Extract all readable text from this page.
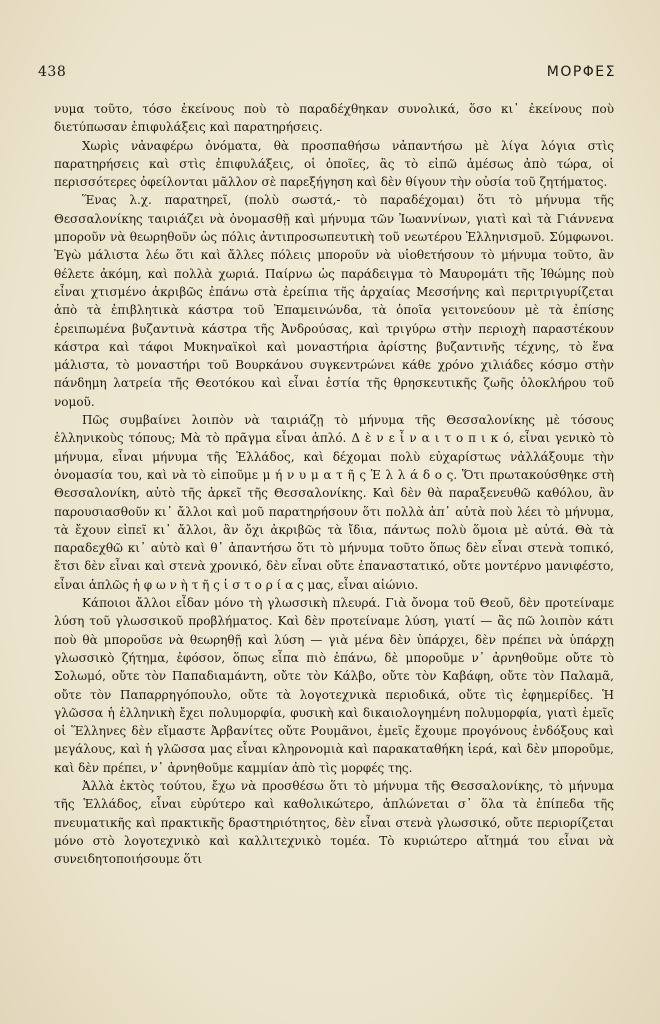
438	ΜΟΡΦΕΣ

νυμα τοῦτο, τόσο ἐκείνους ποὺ τὸ παραδέχθηκαν συνολικά, ὅσο κι᾿ ἐκείνους ποὺ διετύπωσαν ἐπιφυλάξεις καὶ παρατηρήσεις.

Χωρὶς νἀναφέρω ὀνόματα, θὰ προσπαθήσω νἀπαντήσω μὲ λίγα λόγια στὶς παρατηρήσεις καὶ στὶς ἐπιφυλάξεις, οἱ ὁποῖες, ἂς τὸ εἰπῶ ἀμέσως ἀπὸ τώρα, οἱ περισσότερες ὀφείλονται μᾶλλον σὲ παρεξήγηση καὶ δὲν θίγουν τὴν οὐσία τοῦ ζητήματος.

Ἕνας λ.χ. παρατηρεῖ, (πολὺ σωστά,- τὸ παραδέχομαι) ὅτι τὸ μήνυμα τῆς Θεσσαλονίκης ταιριάζει νὰ ὀνομασθῇ καὶ μήνυμα τῶν Ἰωαννίνων, γιατὶ καὶ τὰ Γιάννενα μποροῦν νὰ θεωρηθοῦν ὡς πόλις ἀντιπροσωπευτικὴ τοῦ νεωτέρου Ἑλληνισμοῦ. Σύμφωνοι. Ἐγὼ μάλιστα λέω ὅτι καὶ ἄλλες πόλεις μποροῦν νὰ υἱοθετήσουν τὸ μήνυμα τοῦτο, ἂν θέλετε ἀκόμη, καὶ πολλὰ χωριά. Παίρνω ὡς παράδειγμα τὸ Μαυρομάτι τῆς Ἰθώμης ποὺ εἶναι χτισμένο ἀκριβῶς ἐπάνω στὰ ἐρείπια τῆς ἀρχαίας Μεσσήνης καὶ περιτριγυρίζεται ἀπὸ τὰ ἐπιβλητικὰ κάστρα τοῦ Ἐπαμεινώνδα, τὰ ὁποῖα γειτονεύουν μὲ τὰ ἐπίσης ἐρειπωμένα βυζαντινὰ κάστρα τῆς Ἀνδρούσας, καὶ τριγύρω στὴν περιοχὴ παραστέκουν κάστρα καὶ τάφοι Μυκηναϊκοὶ καὶ μοναστήρια ἀρίστης βυζαντινῆς τέχνης, τὸ ἕνα μάλιστα, τὸ μοναστήρι τοῦ Βουρκάνου συγκεντρώνει κάθε χρόνο χιλιάδες κόσμο στὴν πάνδημη λατρεία τῆς Θεοτόκου καὶ εἶναι ἑστία τῆς θρησκευτικῆς ζωῆς ὁλοκλήρου τοῦ νομοῦ.

Πῶς συμβαίνει λοιπὸν νὰ ταιριάζῃ τὸ μήνυμα τῆς Θεσσαλονίκης μὲ τόσους ἑλληνικοὺς τόπους; Μὰ τὸ πρᾶγμα εἶναι ἁπλό. Δ ὲ ν ε ἶ ν α ι τ ο π ι κ ό, εἶναι γενικὸ τὸ μήνυμα, εἶναι μήνυμα τῆς Ἑλλάδος, καὶ δέχομαι πολὺ εὐχαρίστως νἀλλάξουμε τὴν ὀνομασία του, καὶ νὰ τὸ εἰποῦμε μ ή ν υ μ α τ ῆ ς Ἑ λ λ ά δ ο ς. Ὅτι πρωτακούσθηκε στὴ Θεσσαλονίκη, αὐτὸ τῆς ἀρκεῖ τῆς Θεσσαλονίκης. Καὶ δὲν θὰ παραξενευθῶ καθόλου, ἂν παρουσιασθοῦν κι᾿ ἄλλοι καὶ μοῦ παρατηρήσουν ὅτι πολλὰ ἀπ᾿ αὐτὰ ποὺ λέει τὸ μήνυμα, τὰ ἔχουν εἰπεῖ κι᾿ ἄλλοι, ἂν ὄχι ἀκριβῶς τὰ ἴδια, πάντως πολὺ ὅμοια μὲ αὐτά. Θὰ τὰ παραδεχθῶ κι᾿ αὐτὸ καὶ θ᾿ ἀπαντήσω ὅτι τὸ μήνυμα τοῦτο ὅπως δὲν εἶναι στενὰ τοπικό, ἔτσι δὲν εἶναι καὶ στενὰ χρονικό, δὲν εἶναι οὔτε ἐπαναστατικό, οὔτε μοντέρνο μανιφέστο, εἶναι ἁπλῶς ἡ φ ω ν ὴ τ ῆ ς ἱ σ τ ο ρ ί α ς μας, εἶναι αἰώνιο.

Κάποιοι ἄλλοι εἶδαν μόνο τὴ γλωσσικὴ πλευρά. Γιὰ ὄνομα τοῦ Θεοῦ, δὲν προτείναμε λύση τοῦ γλωσσικοῦ προβλήματος. Καὶ δὲν προτείναμε λύση, γιατί — ἂς πῶ λοιπὸν κάτι ποὺ θὰ μποροῦσε νὰ θεωρηθῇ καὶ λύση — γιὰ μένα δὲν ὑπάρχει, δὲν πρέπει νὰ ὑπάρχῃ γλωσσικὸ ζήτημα, ἐφόσον, ὅπως εἶπα πιὸ ἐπάνω, δὲ μποροῦμε ν᾿ ἀρνηθοῦμε οὔτε τὸ Σολωμό, οὔτε τὸν Παπαδιαμάντη, οὔτε τὸν Κάλβο, οὔτε τὸν Καβάφη, οὔτε τὸν Παλαμᾶ, οὔτε τὸν Παπαρρηγόπουλο, οὔτε τὰ λογοτεχνικὰ περιοδικά, οὔτε τὶς ἐφημερίδες. Ἡ γλῶσσα ἡ ἑλληνικὴ ἔχει πολυμορφία, φυσικὴ καὶ δικαιολογημένη πολυμορφία, γιατὶ ἐμεῖς οἱ Ἕλληνες δὲν εἴμαστε Ἀρβανίτες οὔτε Ρουμᾶνοι, ἐμεῖς ἔχουμε προγόνους ἐνδόξους καὶ μεγάλους, καὶ ἡ γλῶσσα μας εἶναι κληρονομιὰ καὶ παρακαταθήκη ἱερά, καὶ δὲν μποροῦμε, καὶ δὲν πρέπει, ν᾿ ἀρνηθοῦμε καμμίαν ἀπὸ τὶς μορφές της.

Ἀλλὰ ἐκτὸς τούτου, ἔχω νὰ προσθέσω ὅτι τὸ μήνυμα τῆς Θεσσαλονίκης, τὸ μήνυμα τῆς Ἑλλάδος, εἶναι εὐρύτερο καὶ καθολικώτερο, ἁπλώνεται σ᾿ ὅλα τὰ ἐπίπεδα τῆς πνευματικῆς καὶ πρακτικῆς δραστηριότητος, δὲν εἶναι στενὰ γλωσσικό, οὔτε περιορίζεται μόνο στὸ λογοτεχνικὸ καὶ καλλιτεχνικὸ τομέα. Τὸ κυριώτερο αἴτημά του εἶναι νὰ συνειδητοποιήσουμε ὅτι
